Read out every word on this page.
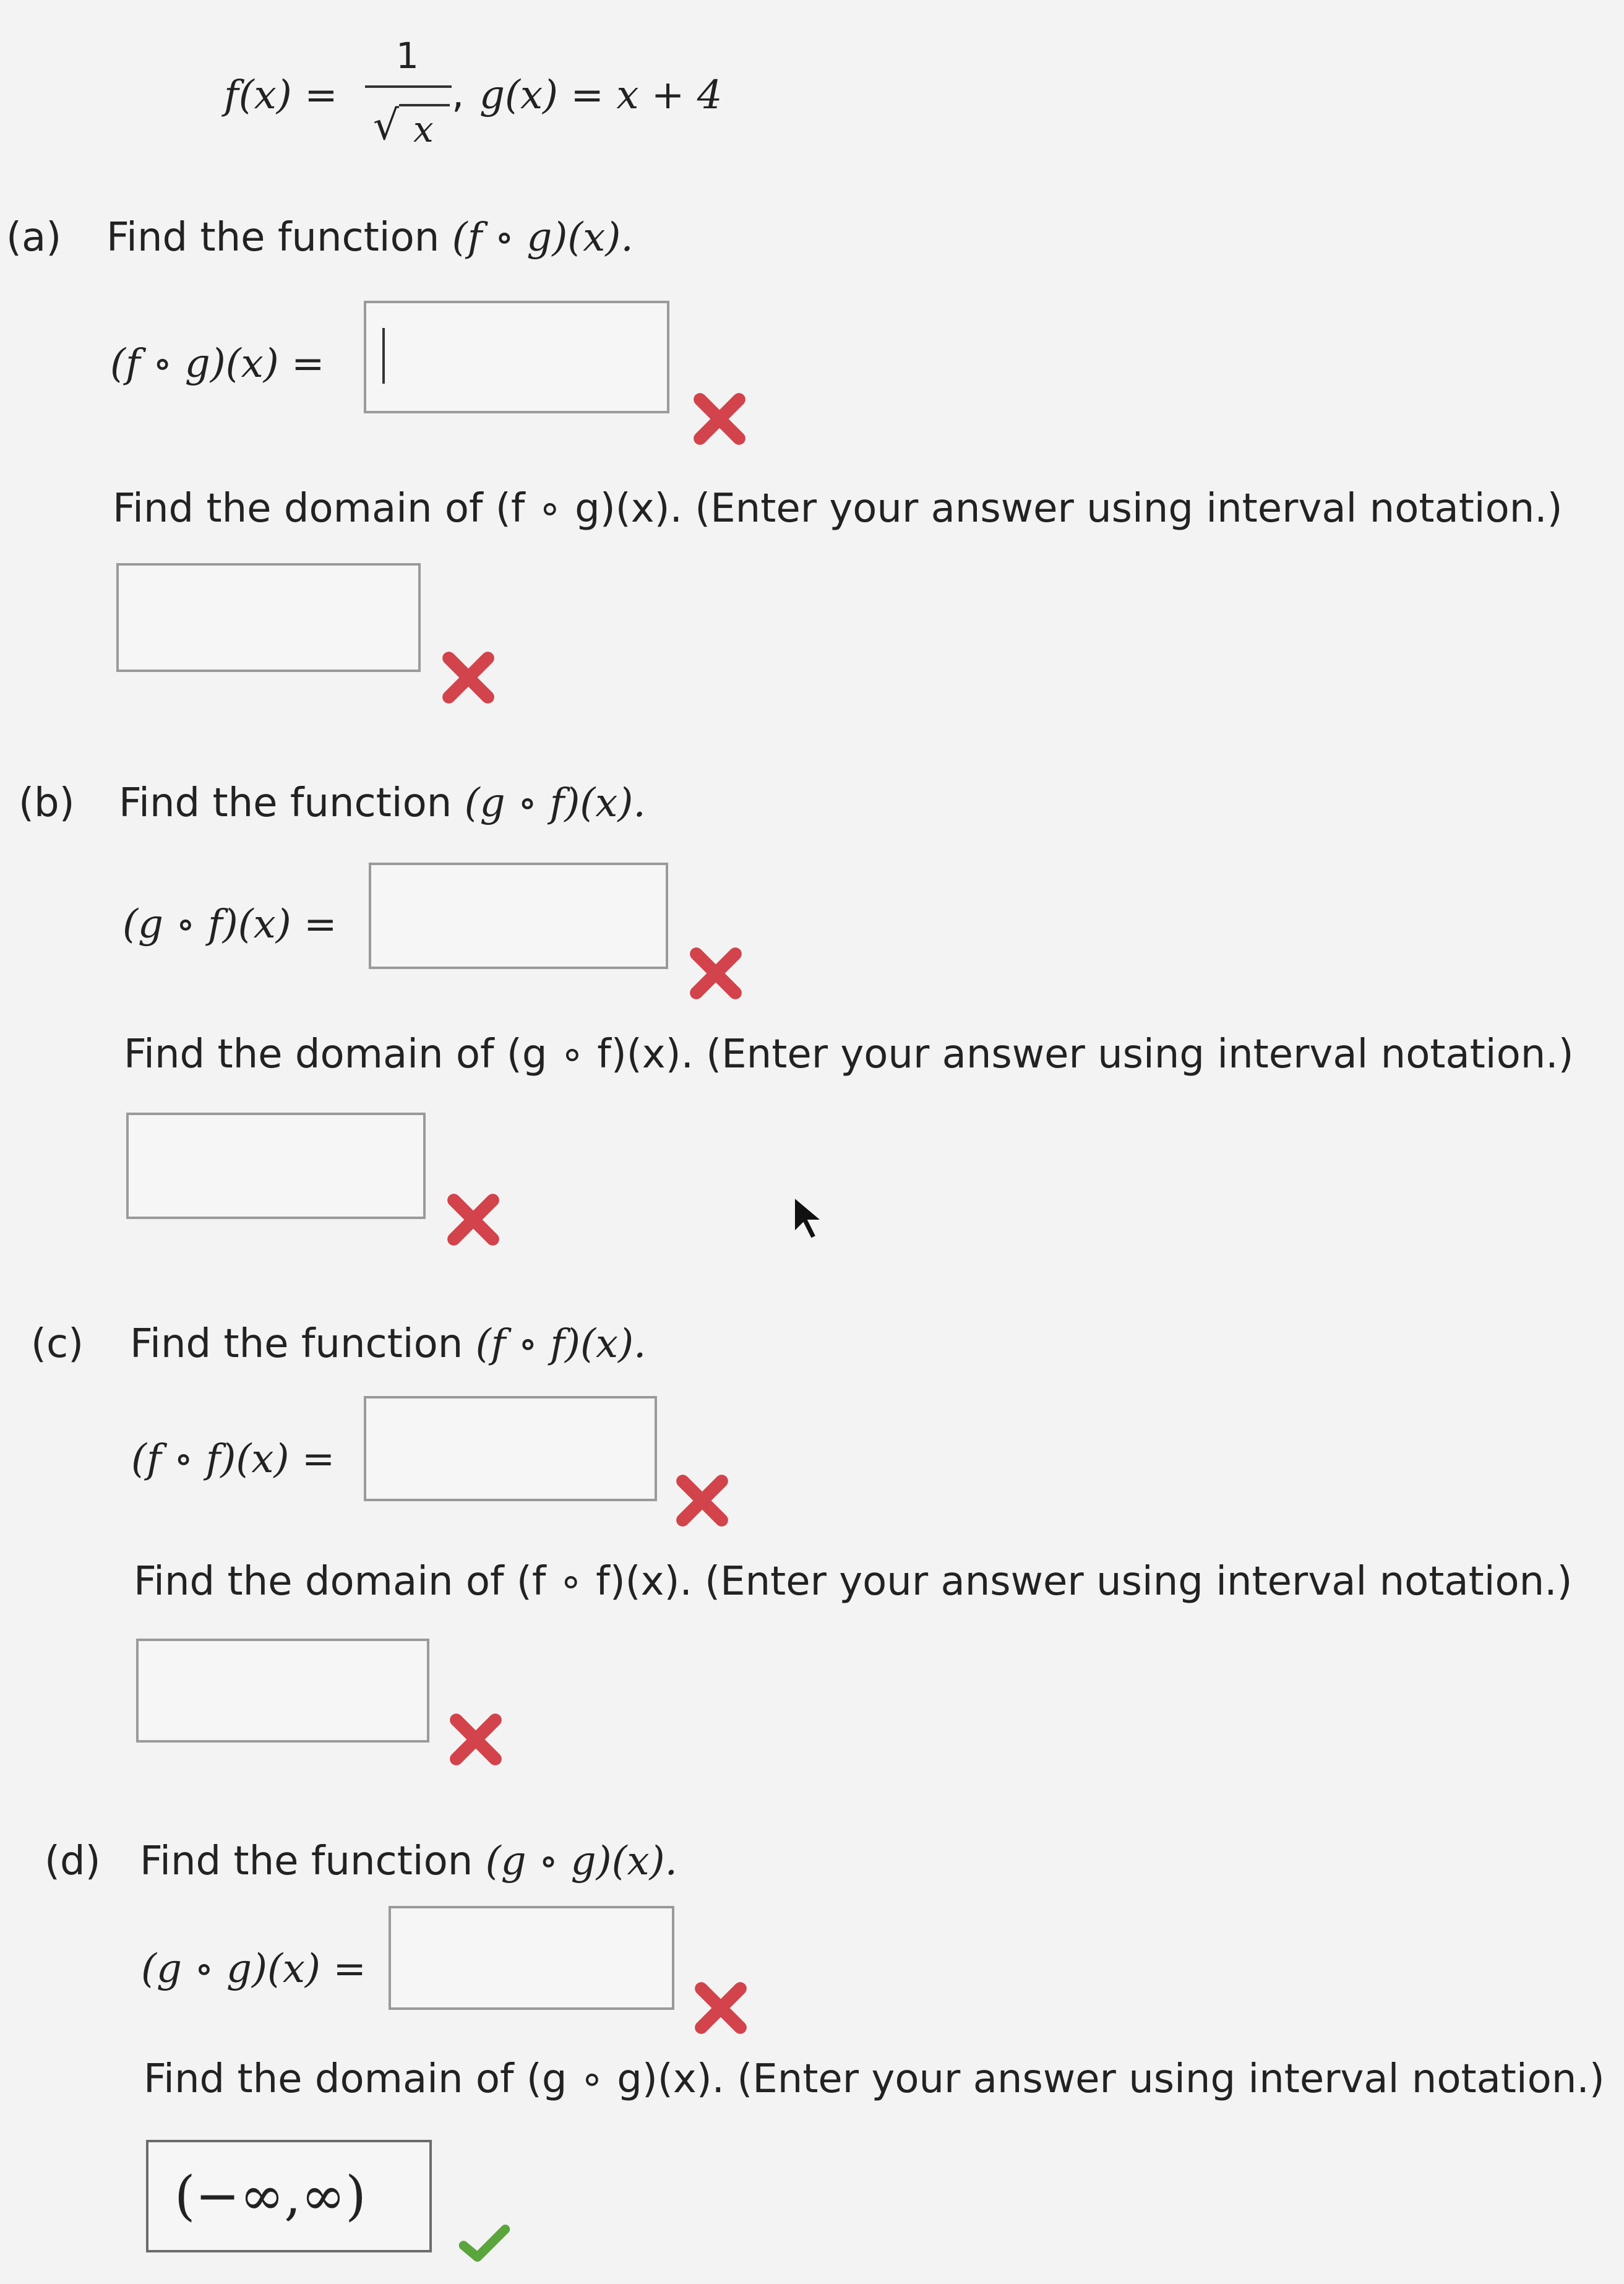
f(x) =
1
√ x
, g(x) = x + 4
(a) Find the function (f ∘ g)(x).
(f ∘ g)(x) =
Find the domain of (f ∘ g)(x). (Enter your answer using interval notation.)
(b) Find the function (g ∘ f)(x).
(g ∘ f)(x) =
Find the domain of (g ∘ f)(x). (Enter your answer using interval notation.)
(c) Find the function (f ∘ f)(x).
(f ∘ f)(x) =
Find the domain of (f ∘ f)(x). (Enter your answer using interval notation.)
(d) Find the function (g ∘ g)(x).
(g ∘ g)(x) =
Find the domain of (g ∘ g)(x). (Enter your answer using interval notation.)
(−∞,∞)
